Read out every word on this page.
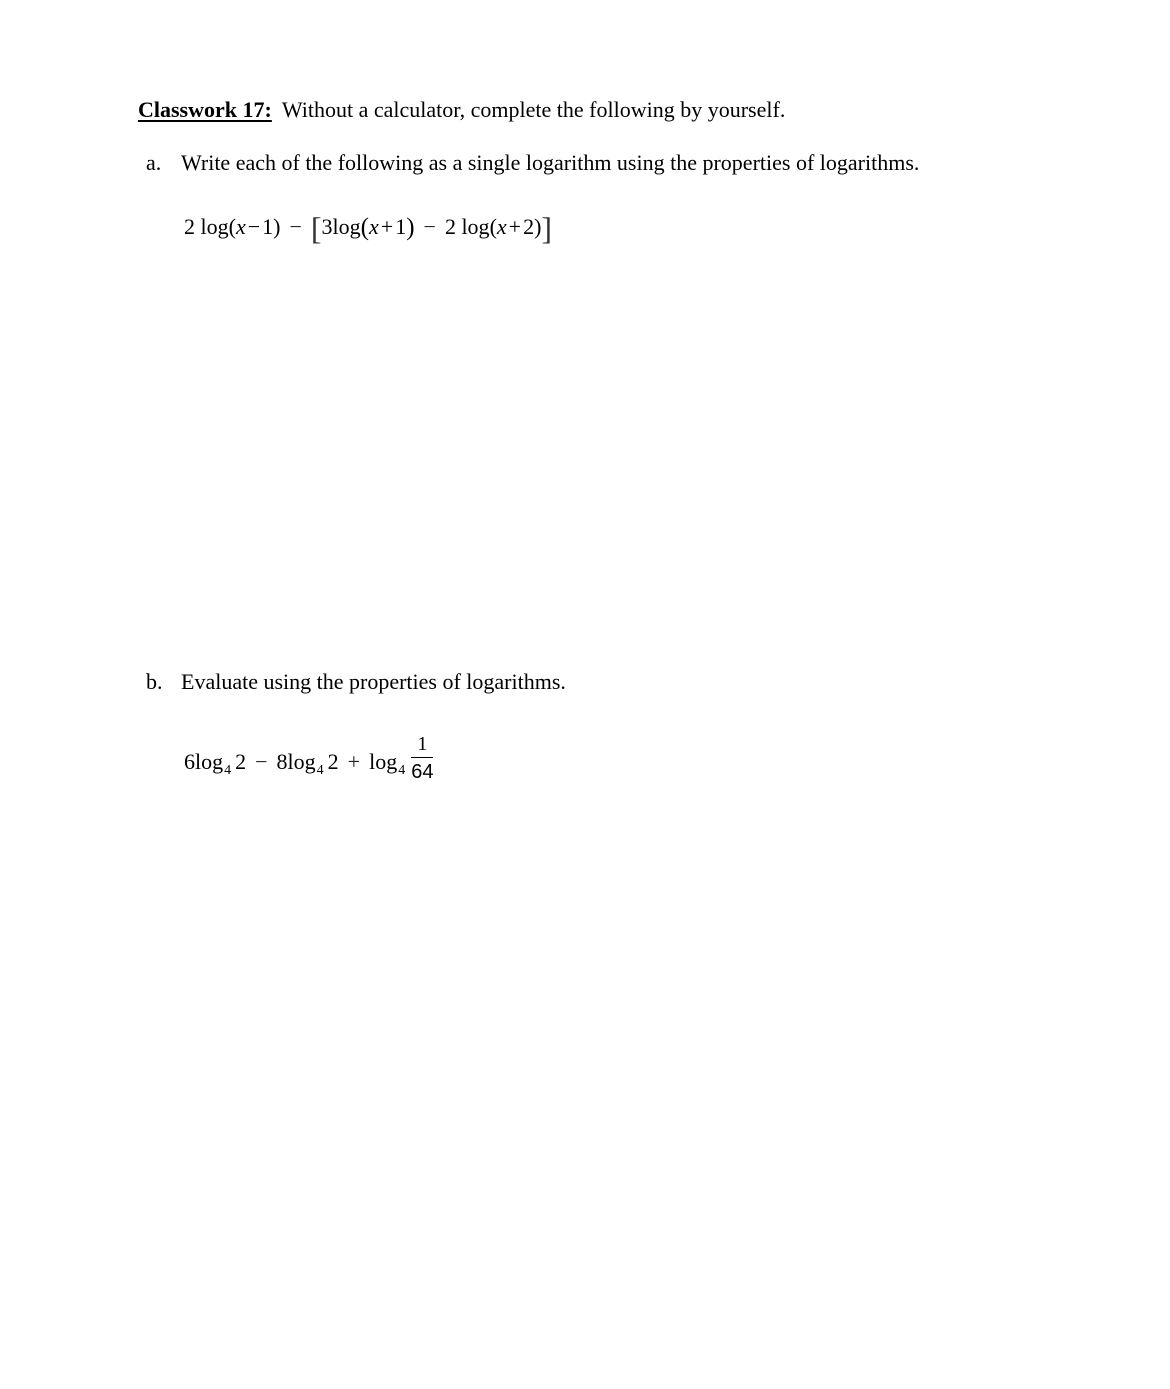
Classwork 17: Without a calculator, complete the following by yourself.
a. Write each of the following as a single logarithm using the properties of logarithms.
2 log(x−1) − [3log(x+1) − 2 log(x+2)]
b. Evaluate using the properties of logarithms.
$6\log_4$ $2 - 8\log_4$ $2 + \log_4 \frac{1}{64}$
